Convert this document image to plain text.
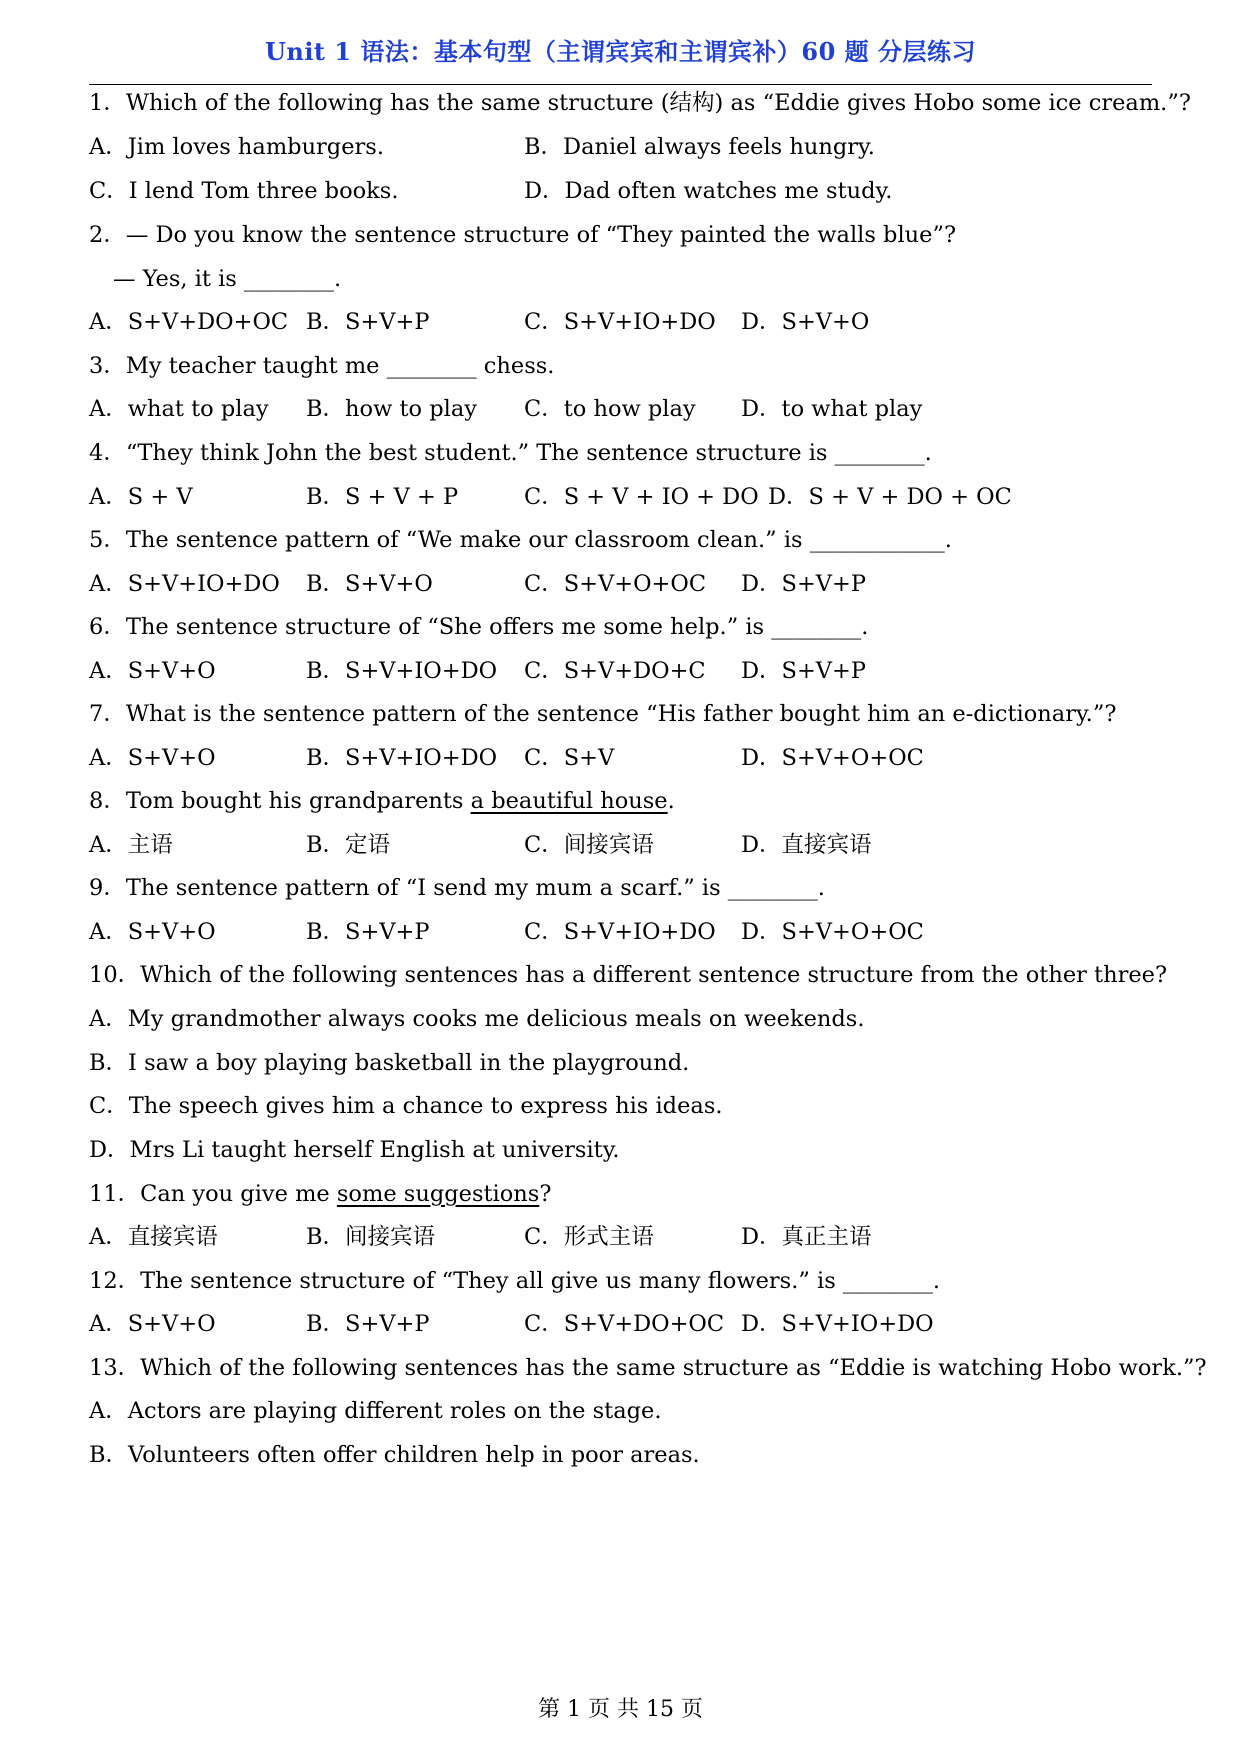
Unit 1 语法：基本句型（主谓宾宾和主谓宾补）60 题 分层练习
1．Which of the following has the same structure (结构) as “Eddie gives Hobo some ice cream.”?
A．Jim loves hamburgers.	B．Daniel always feels hungry.
C．I lend Tom three books.	D．Dad often watches me study.
2．— Do you know the sentence structure of “They painted the walls blue”?
— Yes, it is ________.
A．S+V+DO+OC B．S+V+P	C．S+V+IO+DO D．S+V+O
3．My teacher taught me ________ chess.
A．what to play B．how to play C．to how play D．to what play
4．“They think John the best student.” The sentence structure is ________.
A．S + V	B．S + V + P	C．S + V + IO + DO D．S + V + DO + OC
5．The sentence pattern of “We make our classroom clean.” is ____________.
A．S+V+IO+DO B．S+V+O	C．S+V+O+OC D．S+V+P
6．The sentence structure of “She offers me some help.” is ________.
A．S+V+O	B．S+V+IO+DO C．S+V+DO+C D．S+V+P
7．What is the sentence pattern of the sentence “His father bought him an e-dictionary.”?
A．S+V+O	B．S+V+IO+DO C．S+V	D．S+V+O+OC
8．Tom bought his grandparents a beautiful house.
A．主语	B．定语	C．间接宾语	D．直接宾语
9．The sentence pattern of “I send my mum a scarf.” is ________.
A．S+V+O	B．S+V+P	C．S+V+IO+DO D．S+V+O+OC
10．Which of the following sentences has a different sentence structure from the other three?
A．My grandmother always cooks me delicious meals on weekends.
B．I saw a boy playing basketball in the playground.
C．The speech gives him a chance to express his ideas.
D．Mrs Li taught herself English at university.
11．Can you give me some suggestions?
A．直接宾语	B．间接宾语	C．形式主语	D．真正主语
12．The sentence structure of “They all give us many flowers.” is ________.
A．S+V+O	B．S+V+P	C．S+V+DO+OC D．S+V+IO+DO
13．Which of the following sentences has the same structure as “Eddie is watching Hobo work.”?
A．Actors are playing different roles on the stage.
B．Volunteers often offer children help in poor areas.
第 1 页 共 15 页
